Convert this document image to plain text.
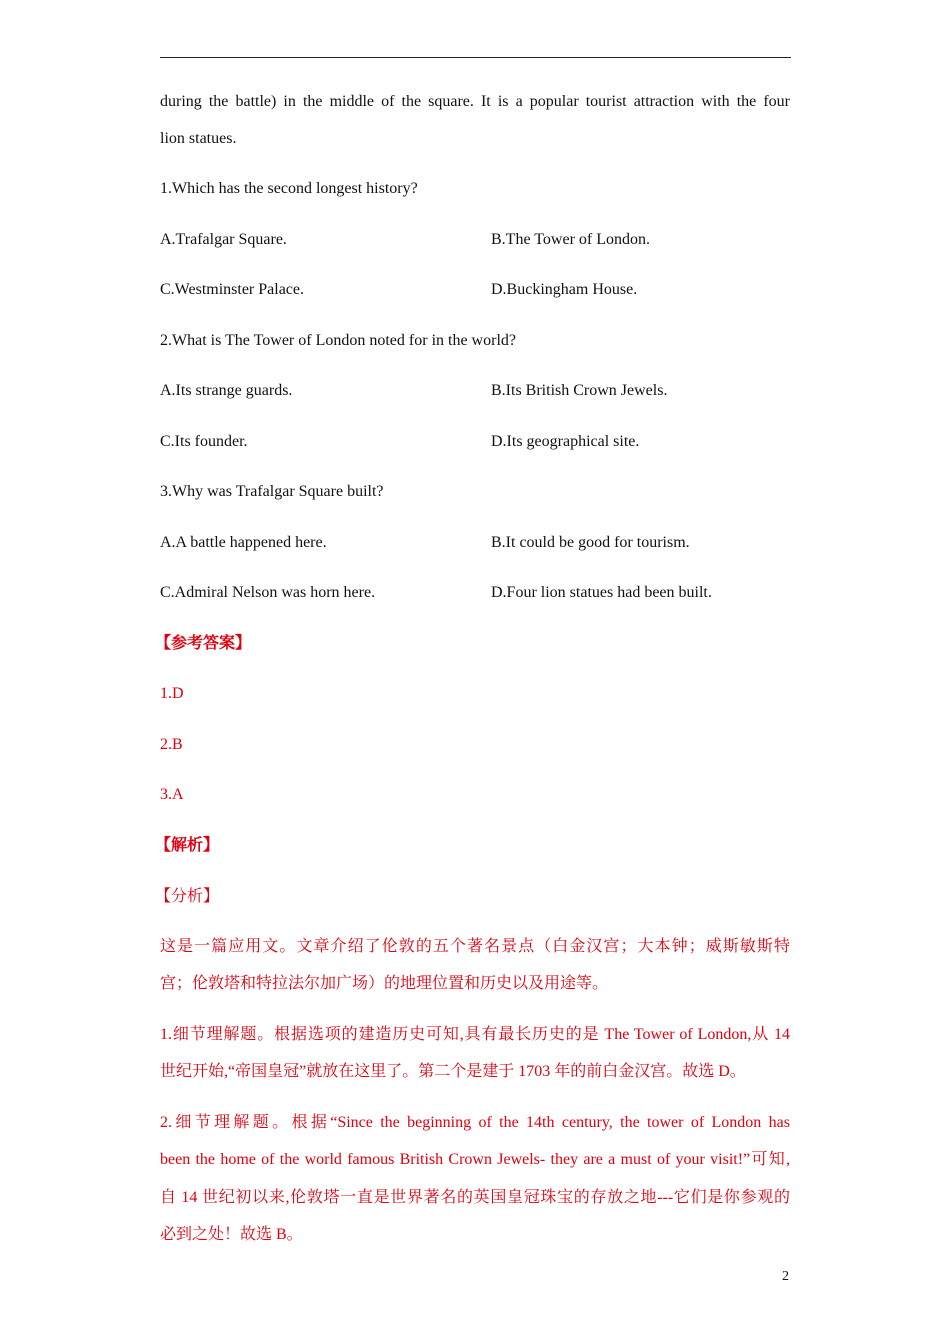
during the battle) in the middle of the square. It is a popular tourist attraction with the four
lion statues.
1.Which has the second longest history?
A.Trafalgar Square.	B.The Tower of London.
C.Westminster Palace.	D.Buckingham House.
2.What is The Tower of London noted for in the world?
A.Its strange guards.	B.Its British Crown Jewels.
C.Its founder.	D.Its geographical site.
3.Why was Trafalgar Square built?
A.A battle happened here.	B.It could be good for tourism.
C.Admiral Nelson was horn here.	D.Four lion statues had been built.
【参考答案】
1.D
2.B
3.A
【解析】
【分析】
这是一篇应用文。文章介绍了伦敦的五个著名景点（白金汉宫；大本钟；威斯敏斯特
宫；伦敦塔和特拉法尔加广场）的地理位置和历史以及用途等。
1.细节理解题。根据选项的建造历史可知,具有最长历史的是 The Tower of London,从 14
世纪开始,“帝国皇冠”就放在这里了。第二个是建于 1703 年的前白金汉宫。故选 D。
2.细节理解题。根据“Since the beginning of the 14th century, the tower of London has
been the home of the world famous British Crown Jewels- they are a must of your visit!”可知,
自 14 世纪初以来,伦敦塔一直是世界著名的英国皇冠珠宝的存放之地---它们是你参观的
必到之处！故选 B。
2
